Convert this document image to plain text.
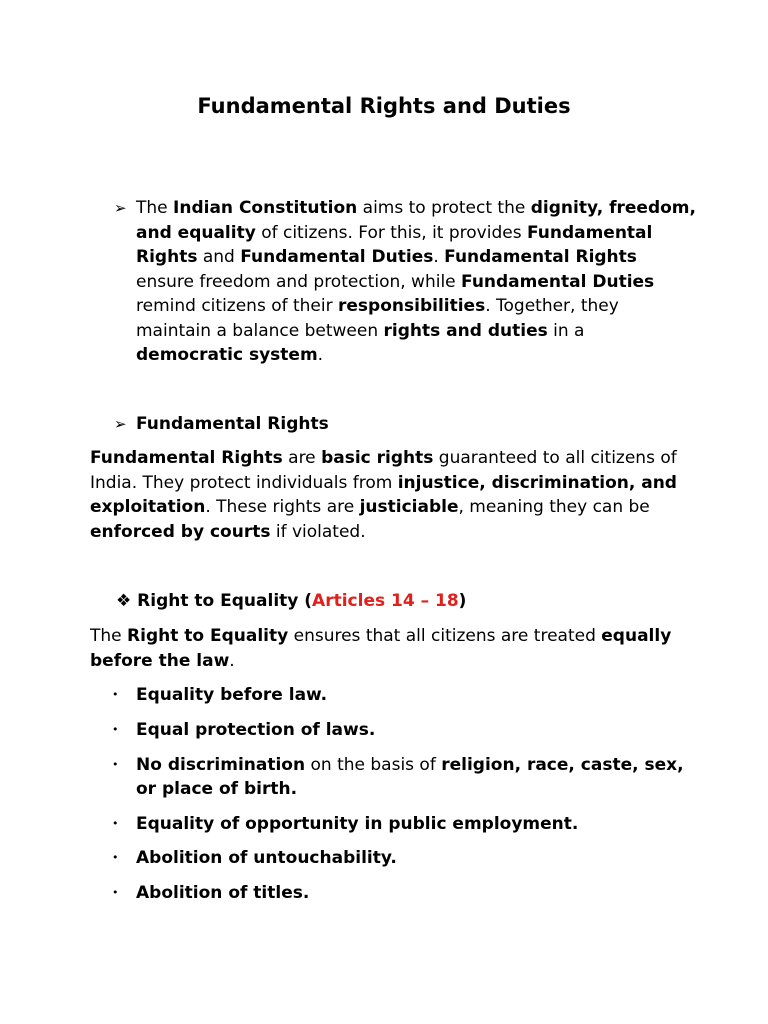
Fundamental Rights and Duties
➢ The Indian Constitution aims to protect the dignity, freedom, and equality of citizens. For this, it provides Fundamental Rights and Fundamental Duties. Fundamental Rights ensure freedom and protection, while Fundamental Duties remind citizens of their responsibilities. Together, they maintain a balance between rights and duties in a democratic system.
➢ Fundamental Rights
Fundamental Rights are basic rights guaranteed to all citizens of India. They protect individuals from injustice, discrimination, and exploitation. These rights are justiciable, meaning they can be enforced by courts if violated.
❖ Right to Equality (Articles 14 – 18)
The Right to Equality ensures that all citizens are treated equally before the law.
• Equality before law.
• Equal protection of laws.
• No discrimination on the basis of religion, race, caste, sex, or place of birth.
• Equality of opportunity in public employment.
• Abolition of untouchability.
• Abolition of titles.
